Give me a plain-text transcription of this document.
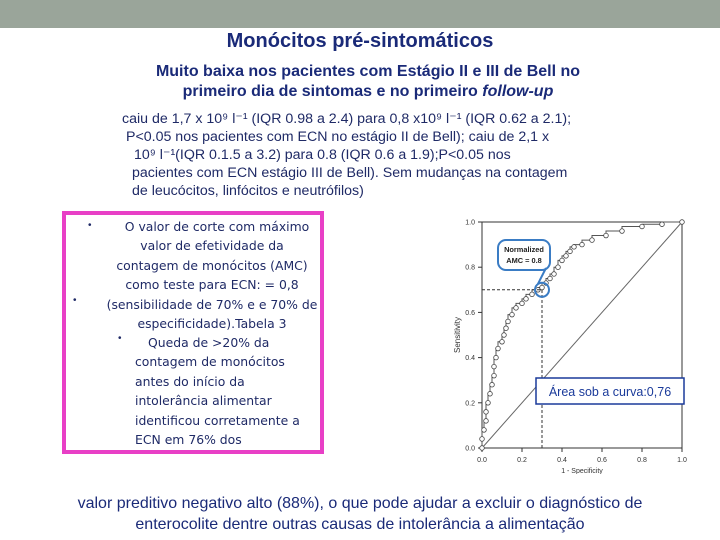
Monócitos pré-sintomáticos
Muito baixa nos pacientes com Estágio II e III de Bell no
primeiro dia de sintomas e no primeiro follow-up
caiu de 1,7 x 10⁹ l⁻¹ (IQR 0.98 a 2.4) para 0,8 x10⁹ l⁻¹ (IQR 0.62 a 2.1);
P<0.05 nos pacientes com ECN no estágio II de Bell); caiu de 2,1 x
10⁹ l⁻¹(IQR 0.1.5 a 3.2) para 0.8 (IQR 0.6 a 1.9);P<0.05 nos
pacientes com ECN estágio III de Bell). Sem mudanças na contagem
de leucócitos, linfócitos e neutrófilos)
•
•
O valor de corte com máximo
valor de efetividade da
contagem de monócitos (AMC)
como teste para ECN: = 0,8
(sensibilidade de 70% e e 70% de
especificidade).Tabela 3
•	Queda de >20% da
contagem de monócitos
antes do início da
intolerância alimentar
identificou corretamente a
ECN em 76% dos
0.0	0.2	0.4	0.6	0.8	1.0
0.0
0.2
0.4
0.6
0.8
1.0
1 - Specificity
Sensitivity
Normalized
AMC = 0.8
Área sob a curva:0,76
valor preditivo negativo alto (88%), o que pode ajudar a excluir o diagnóstico de
enterocolite dentre outras causas de intolerância a alimentação
